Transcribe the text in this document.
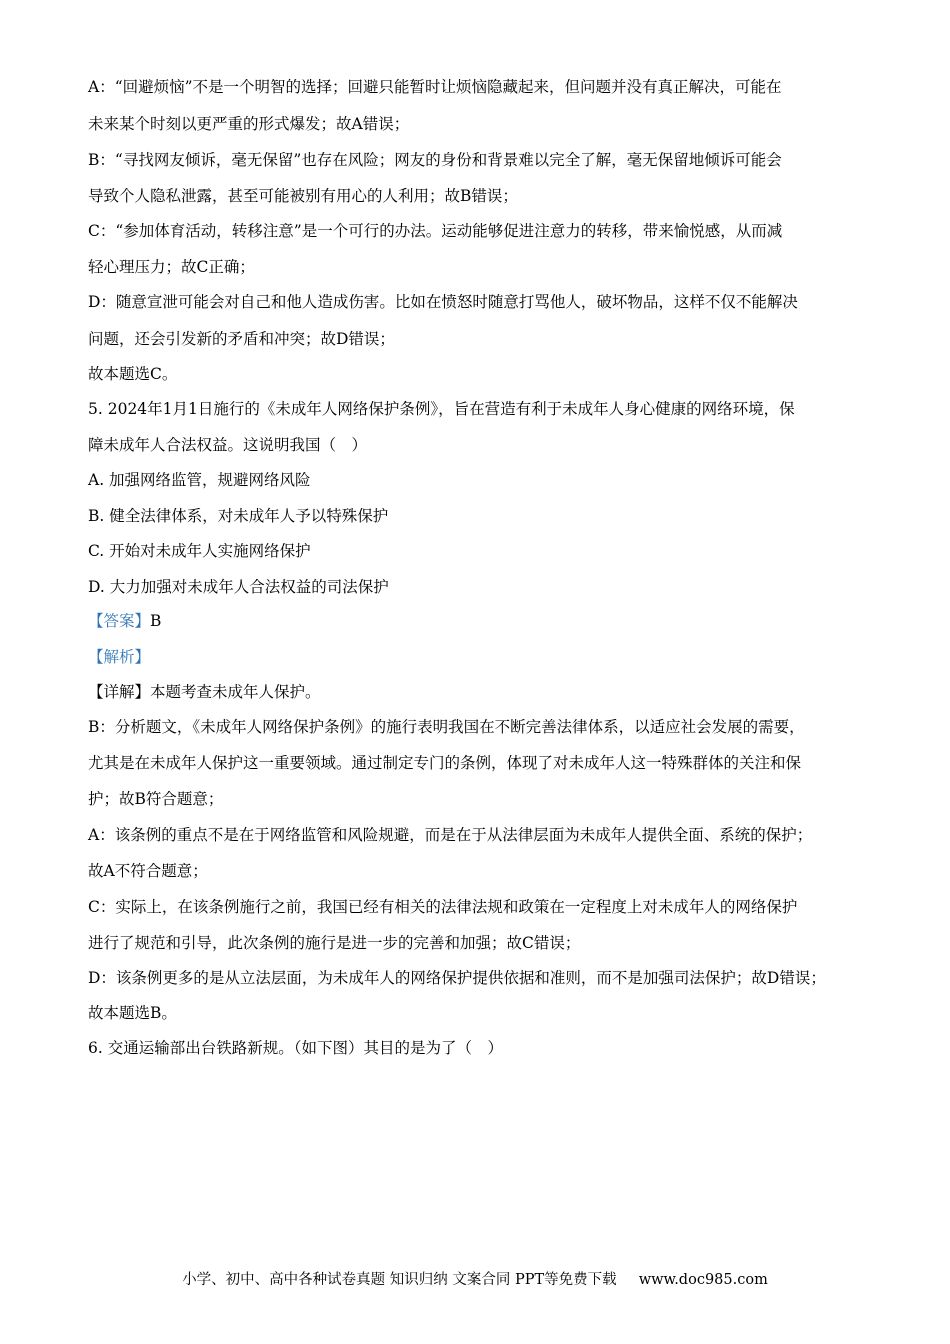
A：“回避烦恼”不是一个明智的选择；回避只能暂时让烦恼隐藏起来，但问题并没有真正解决，可能在
未来某个时刻以更严重的形式爆发；故A错误；
B：“寻找网友倾诉，毫无保留”也存在风险；网友的身份和背景难以完全了解，毫无保留地倾诉可能会
导致个人隐私泄露，甚至可能被别有用心的人利用；故B错误；
C：“参加体育活动，转移注意”是一个可行的办法。运动能够促进注意力的转移，带来愉悦感，从而减
轻心理压力；故C正确；
D：随意宣泄可能会对自己和他人造成伤害。比如在愤怒时随意打骂他人，破坏物品，这样不仅不能解决
问题，还会引发新的矛盾和冲突；故D错误；
故本题选C。
5. 2024年1月1日施行的《未成年人网络保护条例》，旨在营造有利于未成年人身心健康的网络环境，保
障未成年人合法权益。这说明我国（　）
A. 加强网络监管，规避网络风险
B. 健全法律体系，对未成年人予以特殊保护
C. 开始对未成年人实施网络保护
D. 大力加强对未成年人合法权益的司法保护
【答案】B
【解析】
【详解】本题考查未成年人保护。
B：分析题文，《未成年人网络保护条例》的施行表明我国在不断完善法律体系，以适应社会发展的需要，
尤其是在未成年人保护这一重要领域。通过制定专门的条例，体现了对未成年人这一特殊群体的关注和保
护；故B符合题意；
A：该条例的重点不是在于网络监管和风险规避，而是在于从法律层面为未成年人提供全面、系统的保护；
故A不符合题意；
C：实际上，在该条例施行之前，我国已经有相关的法律法规和政策在一定程度上对未成年人的网络保护
进行了规范和引导，此次条例的施行是进一步的完善和加强；故C错误；
D：该条例更多的是从立法层面，为未成年人的网络保护提供依据和准则，而不是加强司法保护；故D错误；
故本题选B。
6. 交通运输部出台铁路新规。（如下图）其目的是为了（　）
小学、初中、高中各种试卷真题 知识归纳 文案合同 PPT等免费下载 www.doc985.com
